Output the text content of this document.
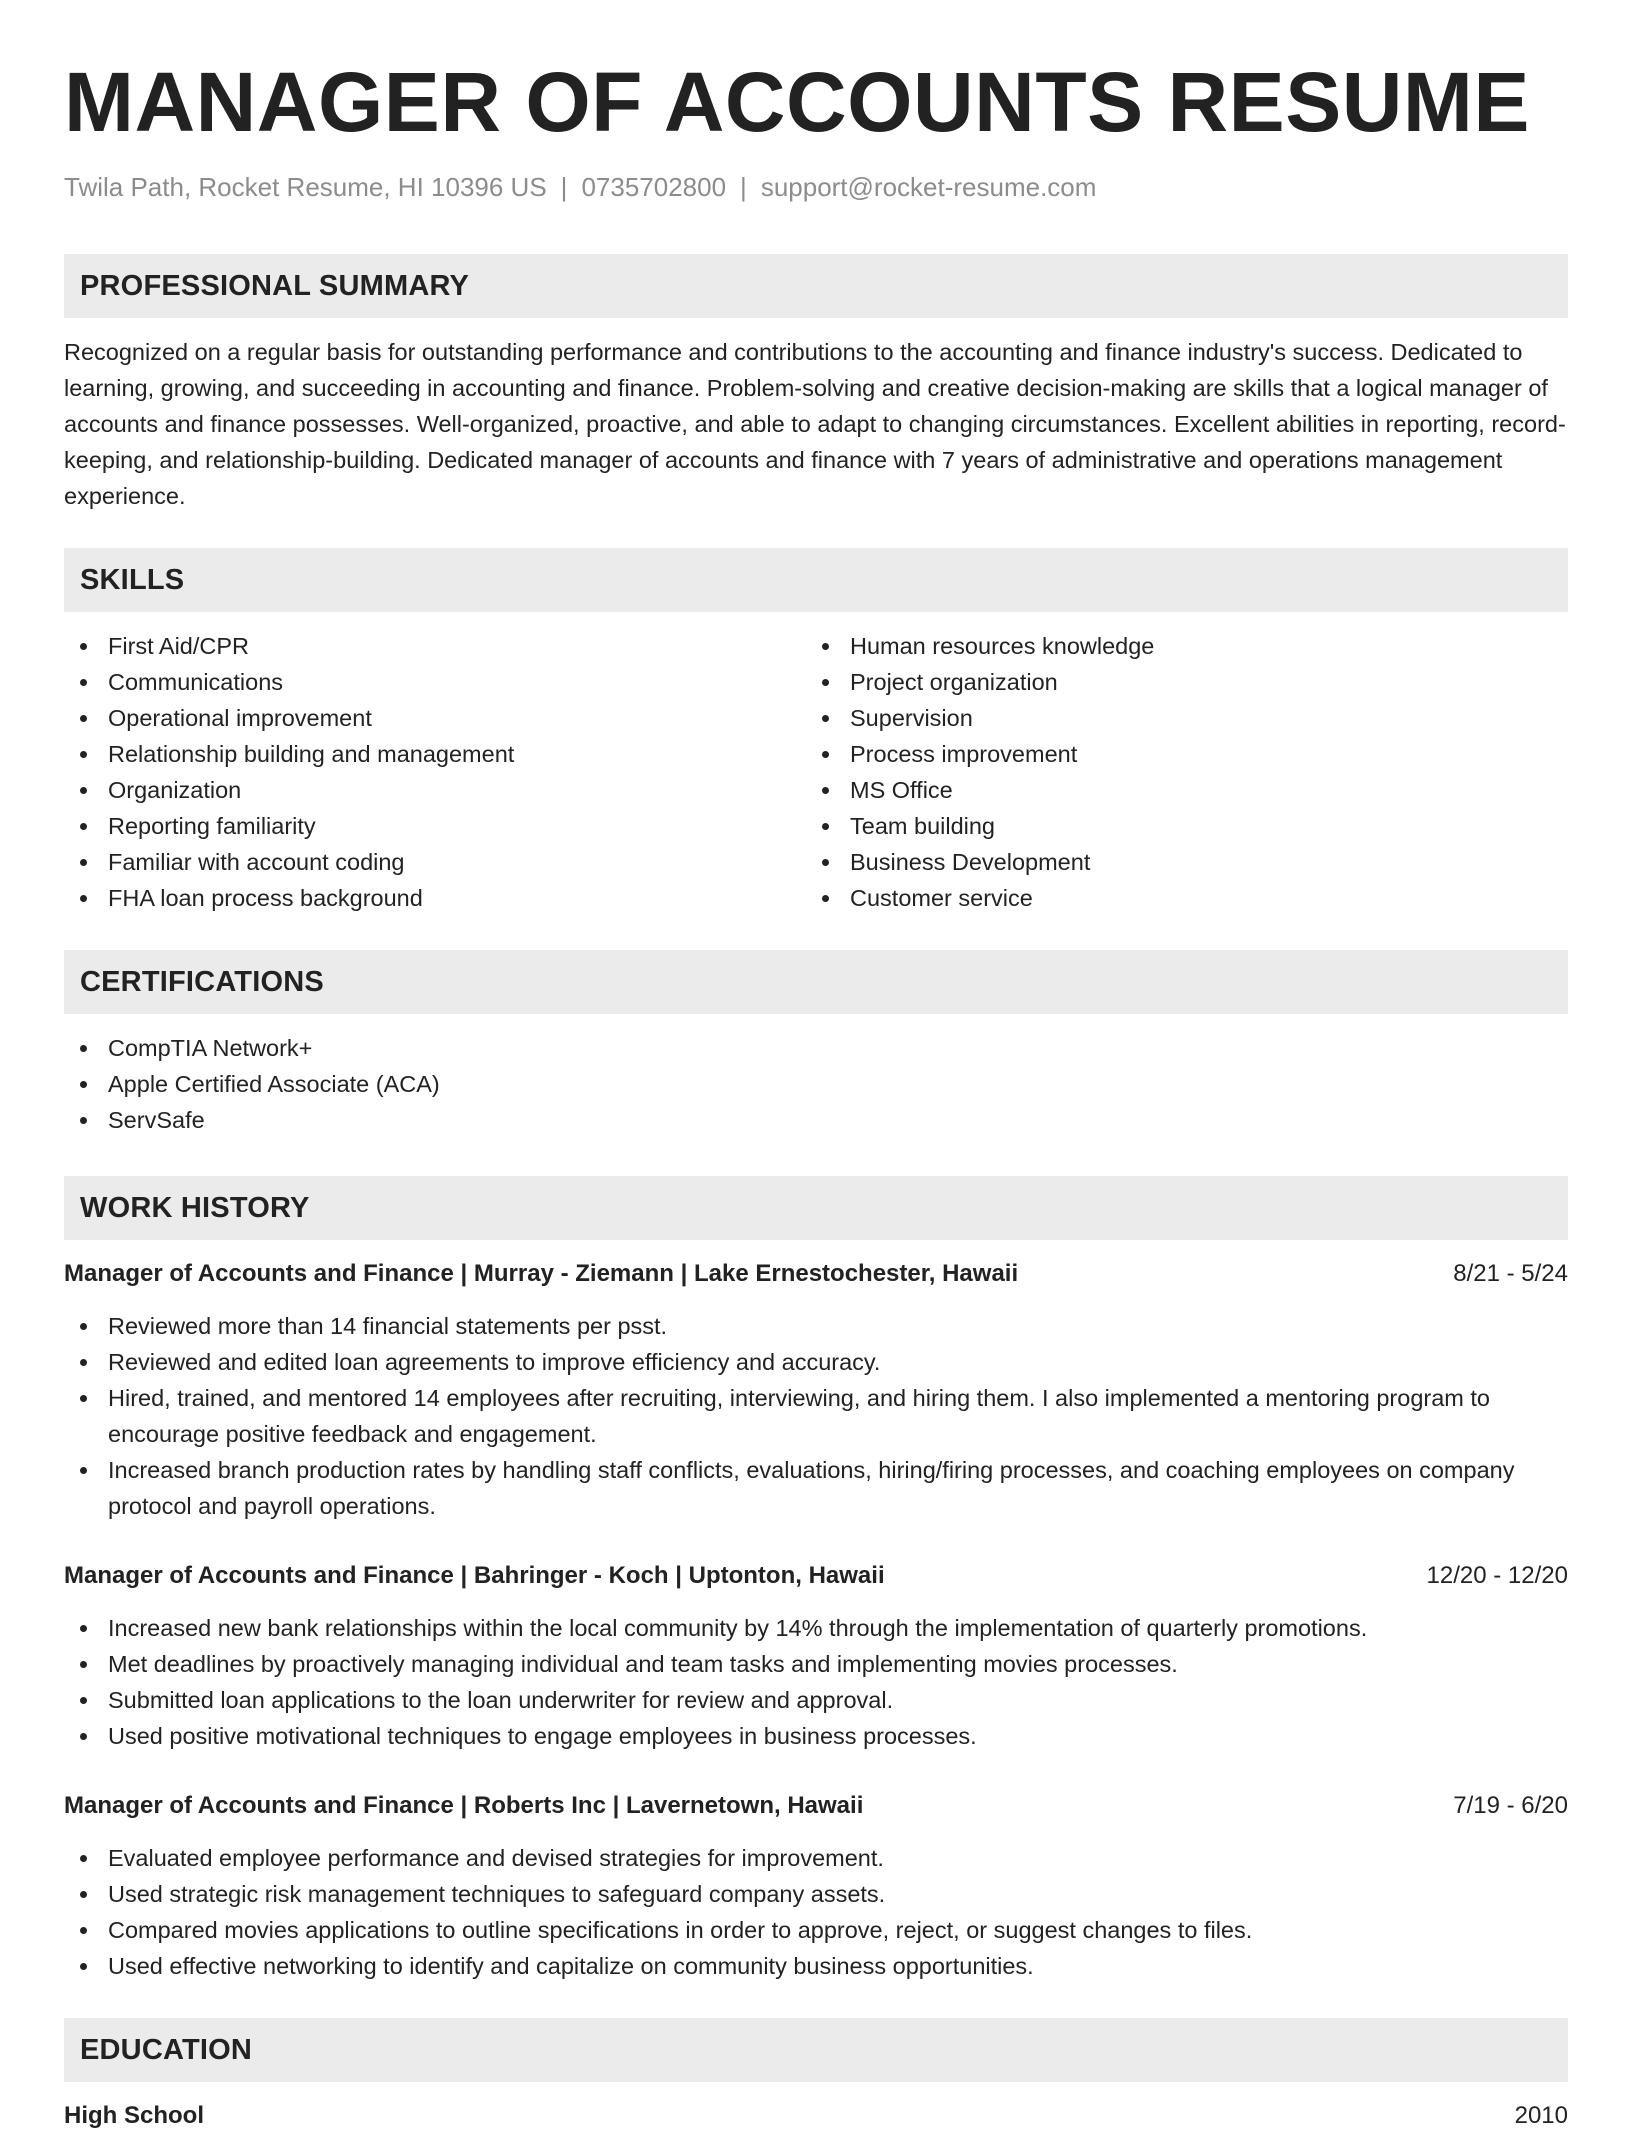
MANAGER OF ACCOUNTS RESUME
Twila Path, Rocket Resume, HI 10396 US | 0735702800 | support@rocket-resume.com
PROFESSIONAL SUMMARY

Recognized on a regular basis for outstanding performance and contributions to the accounting and finance industry's success. Dedicated to learning, growing, and succeeding in accounting and finance. Problem-solving and creative decision-making are skills that a logical manager of accounts and finance possesses. Well-organized, proactive, and able to adapt to changing circumstances. Excellent abilities in reporting, record-keeping, and relationship-building. Dedicated manager of accounts and finance with 7 years of administrative and operations management experience.

SKILLS
First Aid/CPR
Communications
Operational improvement
Relationship building and management
Organization
Reporting familiarity
Familiar with account coding
FHA loan process background
Human resources knowledge
Project organization
Supervision
Process improvement
MS Office
Team building
Business Development
Customer service
CERTIFICATIONS
CompTIA Network+
Apple Certified Associate (ACA)
ServSafe
WORK HISTORY
Manager of Accounts and Finance | Murray - Ziemann | Lake Ernestochester, Hawaii	8/21 - 5/24
Reviewed more than 14 financial statements per psst.
Reviewed and edited loan agreements to improve efficiency and accuracy.
Hired, trained, and mentored 14 employees after recruiting, interviewing, and hiring them. I also implemented a mentoring program to encourage positive feedback and engagement.
Increased branch production rates by handling staff conflicts, evaluations, hiring/firing processes, and coaching employees on company protocol and payroll operations.
Manager of Accounts and Finance | Bahringer - Koch | Uptonton, Hawaii	12/20 - 12/20
Increased new bank relationships within the local community by 14% through the implementation of quarterly promotions.
Met deadlines by proactively managing individual and team tasks and implementing movies processes.
Submitted loan applications to the loan underwriter for review and approval.
Used positive motivational techniques to engage employees in business processes.
Manager of Accounts and Finance | Roberts Inc | Lavernetown, Hawaii	7/19 - 6/20
Evaluated employee performance and devised strategies for improvement.
Used strategic risk management techniques to safeguard company assets.
Compared movies applications to outline specifications in order to approve, reject, or suggest changes to files.
Used effective networking to identify and capitalize on community business opportunities.
EDUCATION
High School	2010
